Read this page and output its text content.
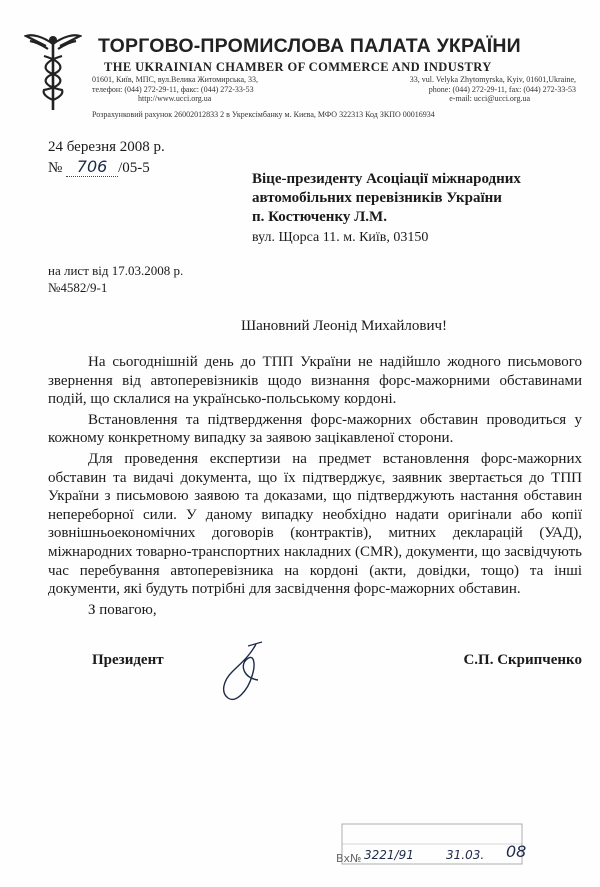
ТОРГОВО-ПРОМИСЛОВА ПАЛАТА УКРАЇНИ
THE UKRAINIAN CHAMBER OF COMMERCE AND INDUSTRY
01601, Київ, МПС, вул.Велика Житомирська, 33,
телефон: (044) 272-29-11, факс: (044) 272-33-53
http://www.ucci.org.ua
33, vul. Velyka Zhytomyrska, Kyiv, 01601,Ukraine,
phone: (044) 272-29-11, fax: (044) 272-33-53
e-mail: ucci@ucci.org.ua
Розрахунковий рахунок 26002012833 2 в Укрексімбанку м. Києва, МФО 322313 Код ЗКПО 00016934
24 березня 2008 р.
№ 706 /05-5
Віце-президенту Асоціації міжнародних
автомобільних перевізників України
п. Костюченку Л.М.
вул. Щорса 11. м. Київ, 03150
на лист від 17.03.2008 р.
№4582/9-1
Шановний Леонід Михайлович!

На сьогоднішній день до ТПП України не надійшло жодного письмового звернення від автоперевізників щодо визнання форс-мажорними обставинами подій, що склалися на українсько-польському кордоні.

Встановлення та підтвердження форс-мажорних обставин проводиться у кожному конкретному випадку за заявою зацікавленої сторони.

Для проведення експертизи на предмет встановлення форс-мажорних обставин та видачі документа, що їх підтверджує, заявник звертається до ТПП України з письмовою заявою та доказами, що підтверджують настання обставин непереборної сили. У даному випадку необхідно надати оригінали або копії зовнішньоекономічних договорів (контрактів), митних декларацій (УАД), міжнародних товарно-транспортних накладних (CMR), документи, що засвідчують час перебування автоперевізника на кордоні (акти, довідки, тощо) та інші документи, які будуть потрібні для засвідчення форс-мажорних обставин.

З повагою,

Президент	С.П. Скрипченко
Вх№ 3221/91	31.03. 08
